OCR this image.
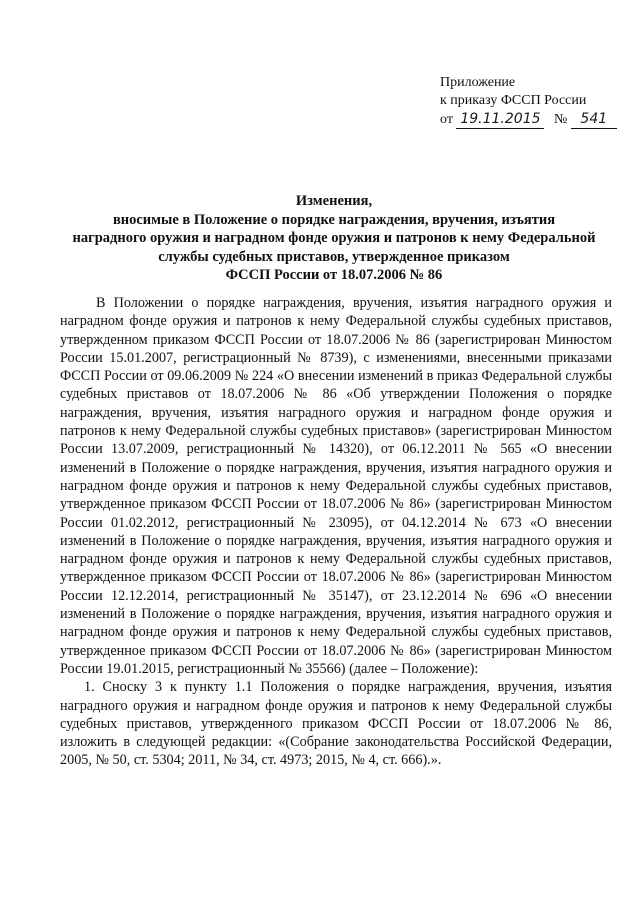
Приложение
к приказу ФССП России
от 19.11.2015 № 541
Изменения,
вносимые в Положение о порядке награждения, вручения, изъятия
наградного оружия и наградном фонде оружия и патронов к нему Федеральной
службы судебных приставов, утвержденное приказом
ФССП России от 18.07.2006 № 86

В Положении о порядке награждения, вручения, изъятия наградного оружия и наградном фонде оружия и патронов к нему Федеральной службы судебных приставов, утвержденном приказом ФССП России от 18.07.2006 № 86 (зарегистрирован Минюстом России 15.01.2007, регистрационный № 8739), с изменениями, внесенными приказами ФССП России от 09.06.2009 № 224 «О внесении изменений в приказ Федеральной службы судебных приставов от 18.07.2006 № 86 «Об утверждении Положения о порядке награждения, вручения, изъятия наградного оружия и наградном фонде оружия и патронов к нему Федеральной службы судебных приставов» (зарегистрирован Минюстом России 13.07.2009, регистрационный № 14320), от 06.12.2011 № 565 «О внесении изменений в Положение о порядке награждения, вручения, изъятия наградного оружия и наградном фонде оружия и патронов к нему Федеральной службы судебных приставов, утвержденное приказом ФССП России от 18.07.2006 № 86» (зарегистрирован Минюстом России 01.02.2012, регистрационный № 23095), от 04.12.2014 № 673 «О внесении изменений в Положение о порядке награждения, вручения, изъятия наградного оружия и наградном фонде оружия и патронов к нему Федеральной службы судебных приставов, утвержденное приказом ФССП России от 18.07.2006 № 86» (зарегистрирован Минюстом России 12.12.2014, регистрационный № 35147), от 23.12.2014 № 696 «О внесении изменений в Положение о порядке награждения, вручения, изъятия наградного оружия и наградном фонде оружия и патронов к нему Федеральной службы судебных приставов, утвержденное приказом ФССП России от 18.07.2006 № 86» (зарегистрирован Минюстом России 19.01.2015, регистрационный № 35566) (далее – Положение):

1. Сноску 3 к пункту 1.1 Положения о порядке награждения, вручения, изъятия наградного оружия и наградном фонде оружия и патронов к нему Федеральной службы судебных приставов, утвержденного приказом ФССП России от 18.07.2006 № 86, изложить в следующей редакции: «(Собрание законодательства Российской Федерации, 2005, № 50, ст. 5304; 2011, № 34, ст. 4973; 2015, № 4, ст. 666).».
